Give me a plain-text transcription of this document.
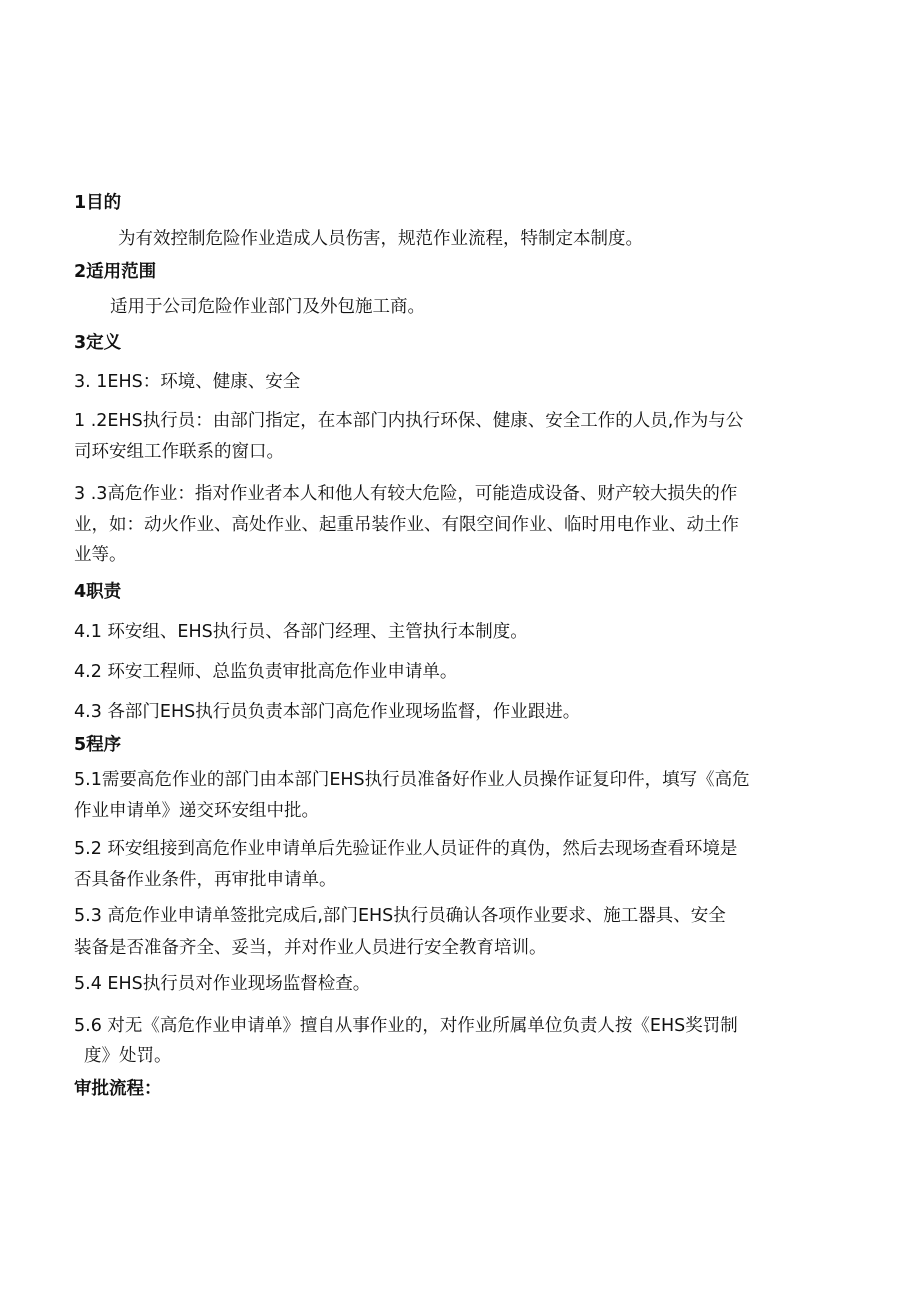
1目的
为有效控制危险作业造成人员伤害，规范作业流程，特制定本制度。
2适用范围
适用于公司危险作业部门及外包施工商。
3定义
3. 1EHS：环境、健康、安全
1 .2EHS执行员：由部门指定，在本部门内执行环保、健康、安全工作的人员,作为与公
司环安组工作联系的窗口。
3 .3高危作业：指对作业者本人和他人有较大危险，可能造成设备、财产较大损失的作
业，如：动火作业、高处作业、起重吊装作业、有限空间作业、临时用电作业、动土作
业等。
4职责
4.1 环安组、EHS执行员、各部门经理、主管执行本制度。
4.2 环安工程师、总监负责审批高危作业申请单。
4.3 各部门EHS执行员负责本部门高危作业现场监督，作业跟进。
5程序
5.1需要高危作业的部门由本部门EHS执行员准备好作业人员操作证复印件，填写《高危
作业申请单》递交环安组中批。
5.2 环安组接到高危作业申请单后先验证作业人员证件的真伪，然后去现场查看环境是
否具备作业条件，再审批申请单。
5.3 高危作业申请单签批完成后,部门EHS执行员确认各项作业要求、施工器具、安全
装备是否准备齐全、妥当，并对作业人员进行安全教育培训。
5.4 EHS执行员对作业现场监督检查。
5.6 对无《高危作业申请单》擅自从事作业的，对作业所属单位负责人按《EHS奖罚制
度》处罚。
审批流程：
